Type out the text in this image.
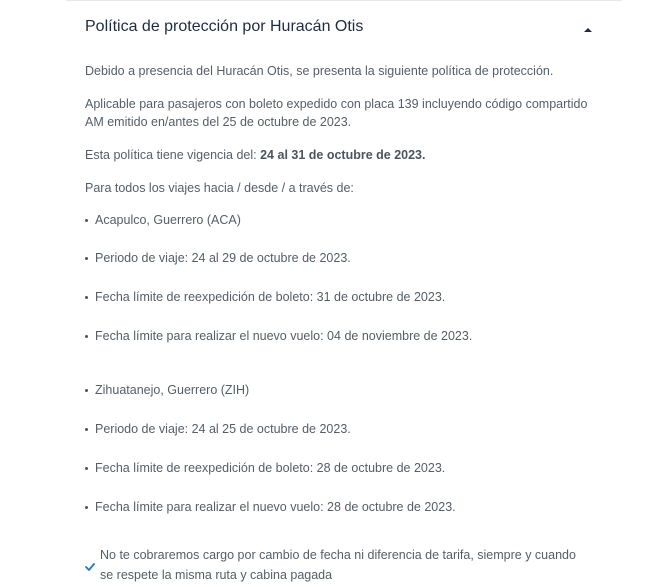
Política de protección por Huracán Otis

Debido a presencia del Huracán Otis, se presenta la siguiente política de protección.

Aplicable para pasajeros con boleto expedido con placa 139 incluyendo código compartido AM emitido en/antes del 25 de octubre de 2023.

Esta política tiene vigencia del: 24 al 31 de octubre de 2023.

Para todos los viajes hacia / desde / a través de:

Acapulco, Guerrero (ACA)

Periodo de viaje: 24 al 29 de octubre de 2023.

Fecha límite de reexpedición de boleto: 31 de octubre de 2023.

Fecha límite para realizar el nuevo vuelo: 04 de noviembre de 2023.

Zihuatanejo, Guerrero (ZIH)

Periodo de viaje: 24 al 25 de octubre de 2023.

Fecha límite de reexpedición de boleto: 28 de octubre de 2023.

Fecha límite para realizar el nuevo vuelo: 28 de octubre de 2023.

No te cobraremos cargo por cambio de fecha ni diferencia de tarifa, siempre y cuando se respete la misma ruta y cabina pagada
